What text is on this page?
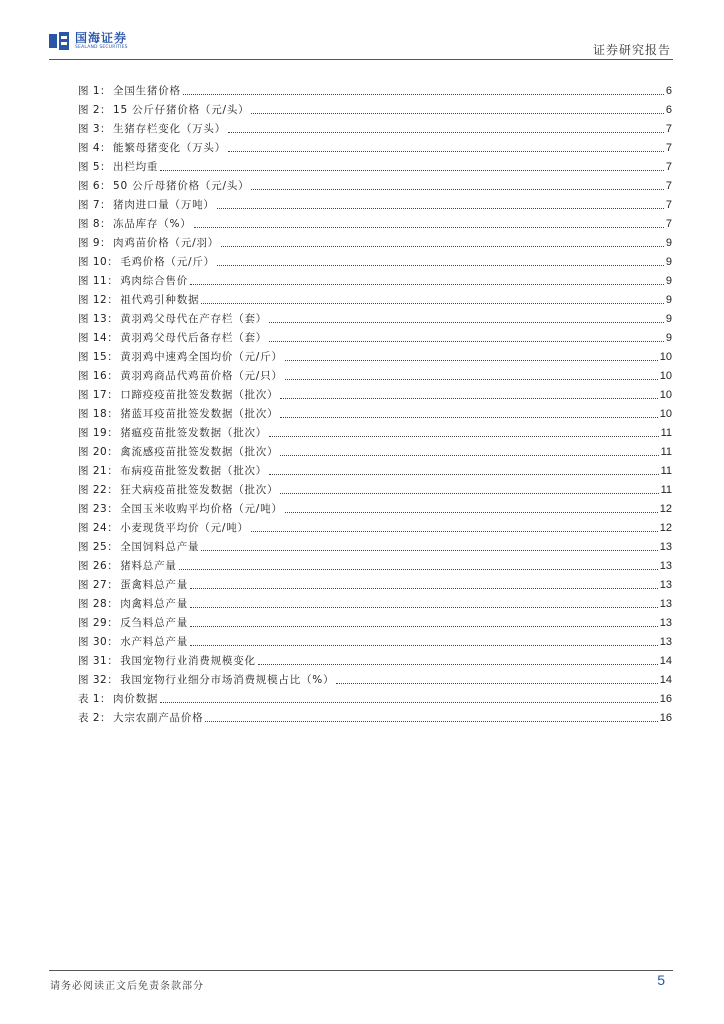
国海证券
SEALAND SECURITIES	证券研究报告
图 1： 全国生猪价格	6
图 2： 15 公斤仔猪价格（元/头）	6
图 3： 生猪存栏变化（万头）	7
图 4： 能繁母猪变化（万头）	7
图 5： 出栏均重	7
图 6： 50 公斤母猪价格（元/头）	7
图 7： 猪肉进口量（万吨）	7
图 8： 冻品库存（%）	7
图 9： 肉鸡苗价格（元/羽）	9
图 10： 毛鸡价格（元/斤）	9
图 11： 鸡肉综合售价	9
图 12： 祖代鸡引种数据	9
图 13： 黄羽鸡父母代在产存栏（套）	9
图 14： 黄羽鸡父母代后备存栏（套）	9
图 15： 黄羽鸡中速鸡全国均价（元/斤）	10
图 16： 黄羽鸡商品代鸡苗价格（元/只）	10
图 17： 口蹄疫疫苗批签发数据（批次）	10
图 18： 猪蓝耳疫苗批签发数据（批次）	10
图 19： 猪瘟疫苗批签发数据（批次）	11
图 20： 禽流感疫苗批签发数据（批次）	11
图 21： 布病疫苗批签发数据（批次）	11
图 22： 狂犬病疫苗批签发数据（批次）	11
图 23： 全国玉米收购平均价格（元/吨）	12
图 24： 小麦现货平均价（元/吨）	12
图 25： 全国饲料总产量	13
图 26： 猪料总产量	13
图 27： 蛋禽料总产量	13
图 28： 肉禽料总产量	13
图 29： 反刍料总产量	13
图 30： 水产料总产量	13
图 31： 我国宠物行业消费规模变化	14
图 32： 我国宠物行业细分市场消费规模占比（%）	14
表 1： 肉价数据	16
表 2： 大宗农副产品价格	16
请务必阅读正文后免责条款部分	5
